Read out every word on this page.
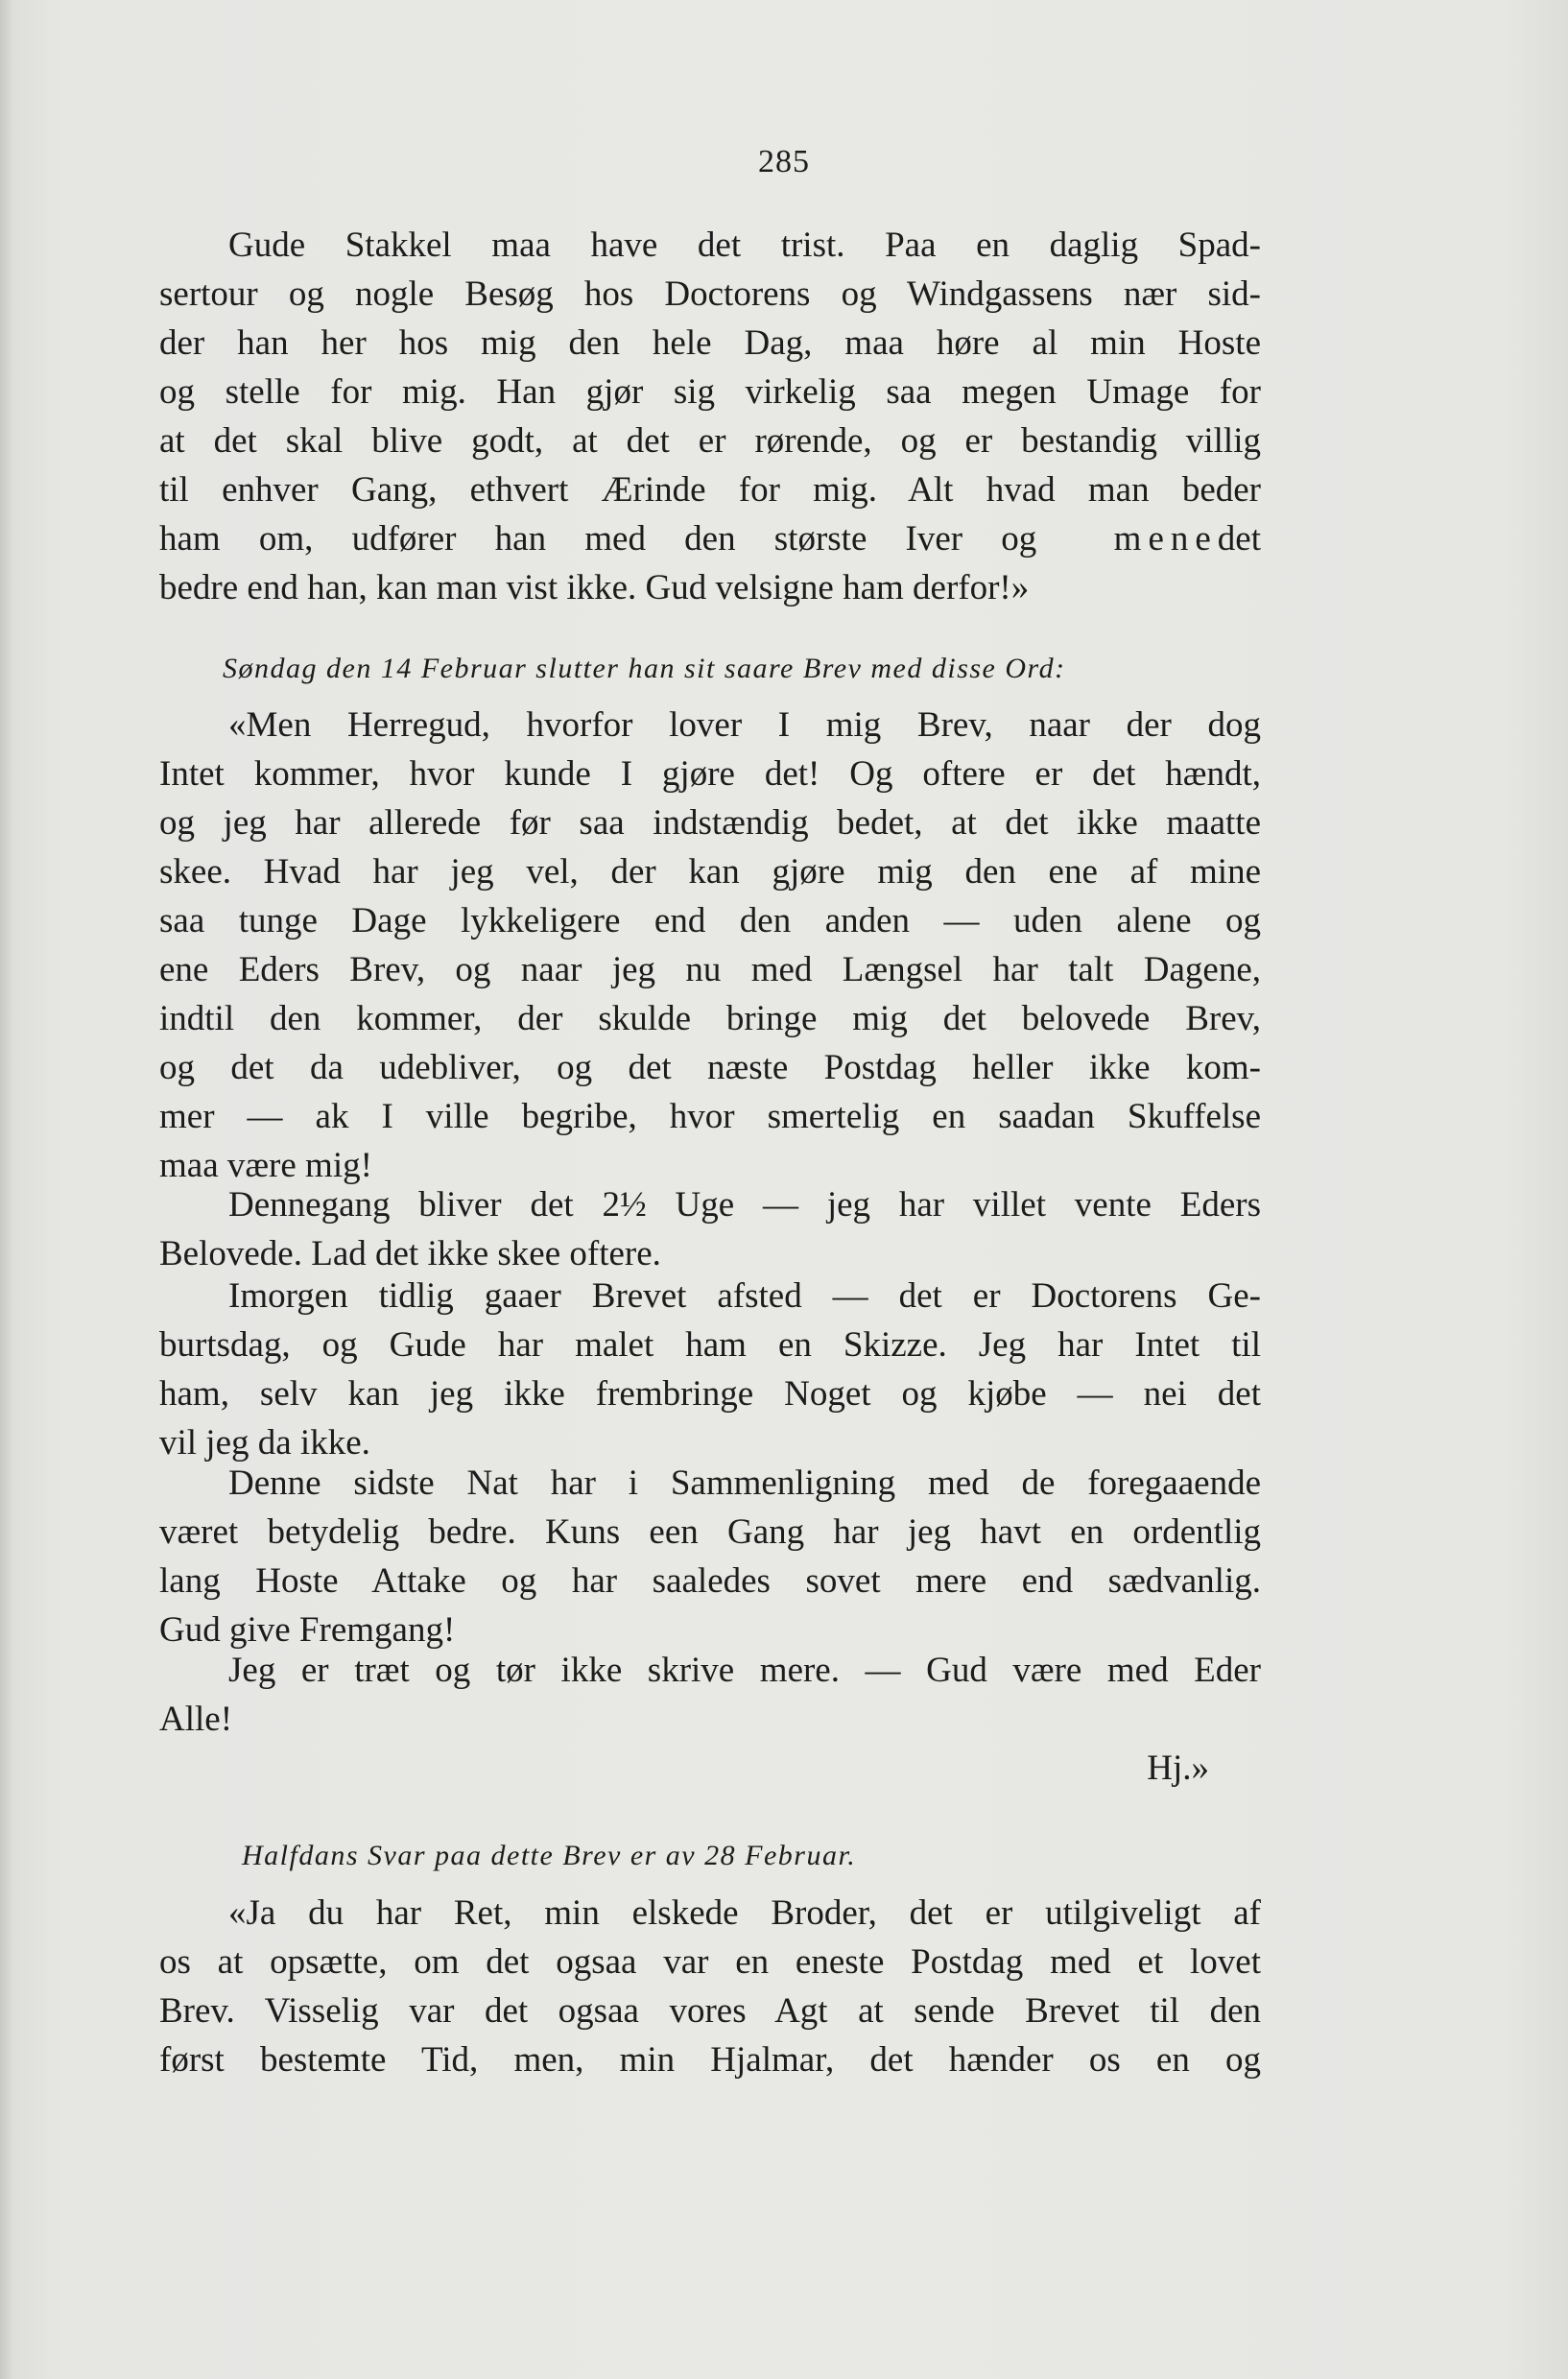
285
Gude Stakkel maa have det trist. Paa en daglig Spad-
sertour og nogle Besøg hos Doctorens og Windgassens nær sid-
der han her hos mig den hele Dag, maa høre al min Hoste
og stelle for mig. Han gjør sig virkelig saa megen Umage for
at det skal blive godt, at det er rørende, og er bestandig villig
til enhver Gang, ethvert Ærinde for mig. Alt hvad man beder
ham om, udfører han med den største Iver og mene det
bedre end han, kan man vist ikke. Gud velsigne ham derfor!»
Søndag den 14 Februar slutter han sit saare Brev med disse Ord:
«Men Herregud, hvorfor lover I mig Brev, naar der dog
Intet kommer, hvor kunde I gjøre det! Og oftere er det hændt,
og jeg har allerede før saa indstændig bedet, at det ikke maatte
skee. Hvad har jeg vel, der kan gjøre mig den ene af mine
saa tunge Dage lykkeligere end den anden — uden alene og
ene Eders Brev, og naar jeg nu med Længsel har talt Dagene,
indtil den kommer, der skulde bringe mig det belovede Brev,
og det da udebliver, og det næste Postdag heller ikke kom-
mer — ak I ville begribe, hvor smertelig en saadan Skuffelse
maa være mig!
Dennegang bliver det 2½ Uge — jeg har villet vente Eders
Belovede. Lad det ikke skee oftere.
Imorgen tidlig gaaer Brevet afsted — det er Doctorens Ge-
burtsdag, og Gude har malet ham en Skizze. Jeg har Intet til
ham, selv kan jeg ikke frembringe Noget og kjøbe — nei det
vil jeg da ikke.
Denne sidste Nat har i Sammenligning med de foregaaende
været betydelig bedre. Kuns een Gang har jeg havt en ordentlig
lang Hoste Attake og har saaledes sovet mere end sædvanlig.
Gud give Fremgang!
Jeg er træt og tør ikke skrive mere. — Gud være med Eder
Alle!
Hj.»
Halfdans Svar paa dette Brev er av 28 Februar.
«Ja du har Ret, min elskede Broder, det er utilgiveligt af
os at opsætte, om det ogsaa var en eneste Postdag med et lovet
Brev. Visselig var det ogsaa vores Agt at sende Brevet til den
først bestemte Tid, men, min Hjalmar, det hænder os en og
